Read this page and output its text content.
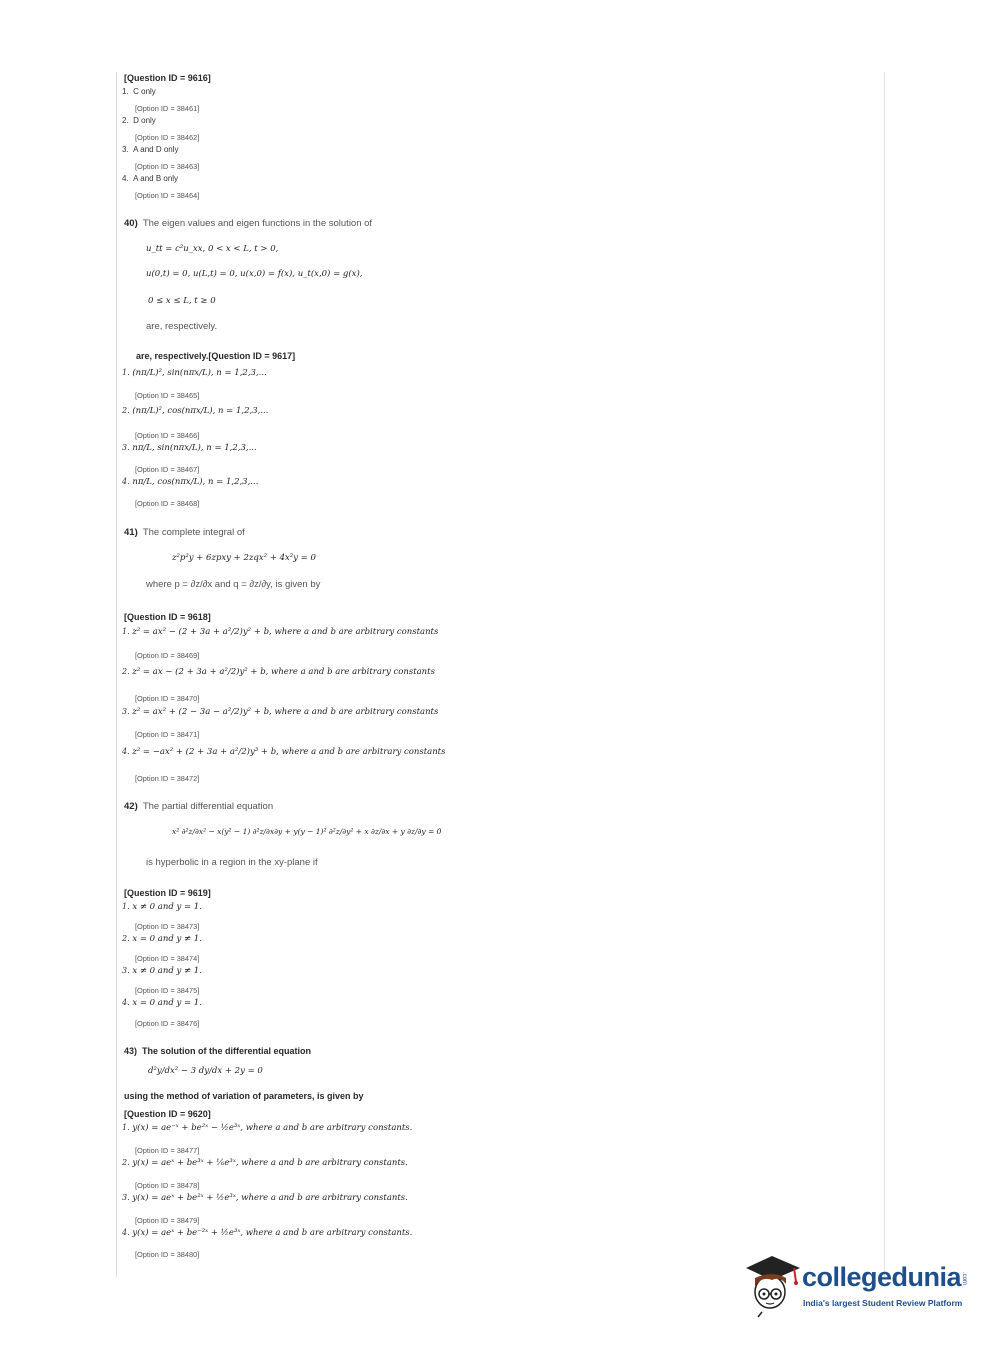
[Question ID = 9616]
1. C only
[Option ID = 38461]
2. D only
[Option ID = 38462]
3. A and D only
[Option ID = 38463]
4. A and B only
[Option ID = 38464]
40) The eigen values and eigen functions in the solution of
u_tt = c²u_xx, 0 < x < L, t > 0,
u(0,t) = 0, u(L,t) = 0, u(x,0) = f(x), u_t(x,0) = g(x),
0 ≤ x ≤ L, t ≥ 0
are, respectively.
are, respectively.[Question ID = 9617]
1. (nπ/L)², sin(nπx/L), n = 1,2,3,...
[Option ID = 38465]
2. (nπ/L)², cos(nπx/L), n = 1,2,3,...
[Option ID = 38466]
3. nπ/L, sin(nπx/L), n = 1,2,3,...
[Option ID = 38467]
4. nπ/L, cos(nπx/L), n = 1,2,3,...
[Option ID = 38468]
41) The complete integral of
z²p²y + 6zpxy + 2zqx² + 4x²y = 0
where p = ∂z/∂x and q = ∂z/∂y, is given by
[Question ID = 9618]
1. z² = ax² − (2 + 3a + a²/2)y² + b, where a and b are arbitrary constants
[Option ID = 38469]
2. z² = ax − (2 + 3a + a²/2)y² + b, where a and b are arbitrary constants
[Option ID = 38470]
3. z² = ax² + (2 − 3a − a²/2)y² + b, where a and b are arbitrary constants
[Option ID = 38471]
4. z² = −ax² + (2 + 3a + a²/2)y³ + b, where a and b are arbitrary constants
[Option ID = 38472]
42) The partial differential equation
x² ∂²z/∂x² − x(y² − 1) ∂²z/∂x∂y + y(y − 1)² ∂²z/∂y² + x ∂z/∂x + y ∂z/∂y = 0
is hyperbolic in a region in the xy-plane if
[Question ID = 9619]
1. x ≠ 0 and y = 1.
[Option ID = 38473]
2. x = 0 and y ≠ 1.
[Option ID = 38474]
3. x ≠ 0 and y ≠ 1.
[Option ID = 38475]
4. x = 0 and y = 1.
[Option ID = 38476]
43) The solution of the differential equation
d²y/dx² − 3 dy/dx + 2y = 0
using the method of variation of parameters, is given by
[Question ID = 9620]
1. y(x) = ae⁻ˣ + be²ˣ − ½e³ˣ, where a and b are arbitrary constants.
[Option ID = 38477]
2. y(x) = aeˣ + be³ˣ + ⅙e³ˣ, where a and b are arbitrary constants.
[Option ID = 38478]
3. y(x) = aeˣ + be²ˣ + ½e³ˣ, where a and b are arbitrary constants.
[Option ID = 38479]
4. y(x) = aeˣ + be⁻²ˣ + ½e³ˣ, where a and b are arbitrary constants.
[Option ID = 38480]
collegedunia .com
India's largest Student Review Platform
